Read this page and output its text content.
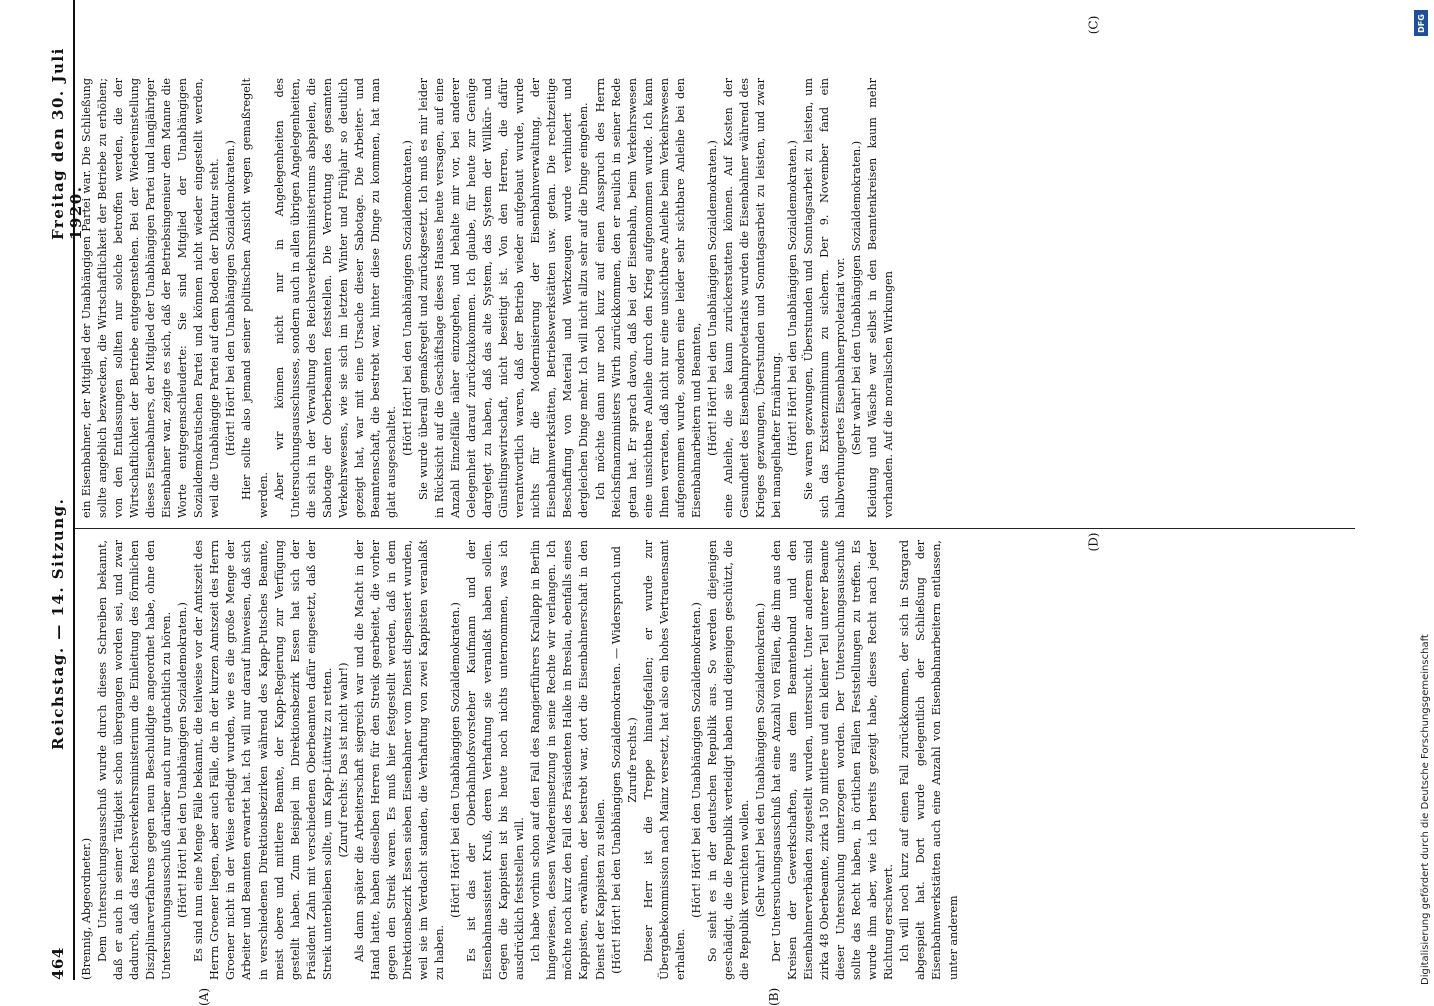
464
Reichstag. — 14. Sitzung.
Freitag den 30. Juli 1920.

(Brennig, Abgeordneter.) Dem Untersuchungsausschuß wurde durch dieses Schreiben bekannt, daß er auch in seiner Tätigkeit schon übergangen worden sei, und zwar dadurch, daß das Reichsverkehrsministerium die Einleitung des förmlichen Disziplinarverfahrens gegen neun Beschuldigte angeordnet habe, ohne den Untersuchungsausschuß darüber auch nur gutachtlich zu hören. (Hört! Hört! bei den Unabhängigen Sozialdemokraten.) Es sind nun eine Menge Fälle bekannt, die teilweise vor der Amtszeit des Herrn Groener liegen, aber auch Fälle, die in der kurzen Amtszeit des Herrn Groener nicht in der Weise erledigt wurden, wie es die große Menge der Arbeiter und Beamten erwartet hat. Ich will nur darauf hinweisen, daß sich in verschiedenen Direktionsbezirken während des Kapp-Putsches Beamte, meist obere und mittlere Beamte, der Kapp-Regierung zur Verfügung gestellt haben. Zum Beispiel im Direktionsbezirk Essen hat sich der Präsident Zahn mit verschiedenen Oberbeamten dafür eingesetzt, daß der Streik unterbleiben sollte, um Kapp-Lüttwitz zu retten. (Zuruf rechts: Das ist nicht wahr!) Als dann später die Arbeiterschaft siegreich war und die Macht in der Hand hatte, haben dieselben Herren für den Streik gearbeitet, die vorher gegen den Streik waren. Es muß hier festgestellt werden, daß in dem Direktionsbezirk Essen sieben Eisenbahner vom Dienst dispensiert wurden, weil sie im Verdacht standen, die Verhaftung von zwei Kappisten veranlaßt zu haben.

(Hört! Hört! bei den Unabhängigen Sozialdemokraten.) Es ist das der Oberbahnhofsvorsteher Kaufmann und der Eisenbahnassistent Kruß, deren Verhaftung sie veranlaßt haben sollen. Gegen die Kappisten ist bis heute noch nichts unternommen, was ich ausdrücklich feststellen will. Ich habe vorhin schon auf den Fall des Rangierführers Krallapp in Berlin hingewiesen, dessen Wiedereinsetzung in seine Rechte wir verlangen. Ich möchte noch kurz den Fall des Präsidenten Halke in Breslau, ebenfalls eines Kappisten, erwähnen, der bestrebt war, dort die Eisenbahnerschaft in den Dienst der Kappisten zu stellen. (Hört! Hört! bei den Unabhängigen Sozialdemokraten. — Widerspruch und Zurufe rechts.) Dieser Herr ist die Treppe hinaufgefallen; er wurde zur Übergabekommission nach Mainz versetzt, hat also ein hohes Vertrauensamt erhalten.

(Hört! Hört! bei den Unabhängigen Sozialdemokraten.) So sieht es in der deutschen Republik aus. So werden diejenigen geschädigt, die die Republik verteidigt haben und diejenigen geschützt, die die Republik vernichten wollen. (Sehr wahr! bei den Unabhängigen Sozialdemokraten.) Der Untersuchungsausschuß hat eine Anzahl von Fällen, die ihm aus den Kreisen der Gewerkschaften, aus dem Beamtenbund und den Eisenbahnerverbänden zugestellt wurden, untersucht. Unter anderem sind zirka 48 Oberbeamte, zirka 150 mittlere und ein kleiner Teil unterer Beamte dieser Untersuchung unterzogen worden. Der Untersuchungsausschuß sollte das Recht haben, in örtlichen Fällen Feststellungen zu treffen. Es wurde ihm aber, wie ich bereits gezeigt habe, dieses Recht nach jeder Richtung erschwert. Ich will noch kurz auf einen Fall zurückkommen, der sich in Stargard abgespielt hat. Dort wurde gelegentlich der Schließung der Eisenbahnwerkstätten auch eine Anzahl von Eisenbahnarbeitern entlassen, unter anderem

ein Eisenbahner, der Mitglied der Unabhängigen Partei war. Die Schließung sollte angeblich bezwecken, die Wirtschaftlichkeit der Betriebe zu erhöhen; von den Entlassungen sollten nur solche betroffen werden, die der Wirtschaftlichkeit der Betriebe entgegenstehen. Bei der Wiedereinstellung dieses Eisenbahners, der Mitglied der Unabhängigen Partei und langjähriger Eisenbahner war, zeigte es sich, daß der Betriebsingenieur dem Manne die Worte entgegenschleuderte: Sie sind Mitglied der Unabhängigen Sozialdemokratischen Partei und können nicht wieder eingestellt werden, weil die Unabhängige Partei auf dem Boden der Diktatur steht. (Hört! Hört! bei den Unabhängigen Sozialdemokraten.) Hier sollte also jemand seiner politischen Ansicht wegen gemaßregelt werden. Aber wir können nicht nur in Angelegenheiten des Untersuchungsausschusses, sondern auch in allen übrigen Angelegenheiten, die sich in der Verwaltung des Reichsverkehrsministeriums abspielen, die Sabotage der Oberbeamten feststellen. Die Verrottung des gesamten Verkehrswesens, wie sie sich im letzten Winter und Frühjahr so deutlich gezeigt hat, war mit eine Ursache dieser Sabotage. Die Arbeiter- und Beamtenschaft, die bestrebt war, hinter diese Dinge zu kommen, hat man glatt ausgeschaltet.

(Hört! Hört! bei den Unabhängigen Sozialdemokraten.) Sie wurde überall gemaßregelt und zurückgesetzt. Ich muß es mir leider in Rücksicht auf die Geschäftslage dieses Hauses heute versagen, auf eine Anzahl Einzelfälle näher einzugehen, und behalte mir vor, bei anderer Gelegenheit darauf zurückzukommen. Ich glaube, für heute zur Genüge dargelegt zu haben, daß das alte System, das System der Willkür- und Günstlingswirtschaft, nicht beseitigt ist. Von den Herren, die dafür verantwortlich waren, daß der Betrieb wieder aufgebaut wurde, wurde nichts für die Modernisierung der Eisenbahnverwaltung, der Eisenbahnwerkstätten, Betriebswerkstätten usw. getan. Die rechtzeitige Beschaffung von Material und Werkzeugen wurde verhindert und dergleichen Dinge mehr. Ich will nicht allzu sehr auf die Dinge eingehen. Ich möchte dann nur noch kurz auf einen Ausspruch des Herrn Reichsfinanzministers Wirth zurückkommen, den er neulich in seiner Rede getan hat. Er sprach davon, daß bei der Eisenbahn, beim Verkehrswesen eine unsichtbare Anleihe durch den Krieg aufgenommen wurde. Ich kann Ihnen verraten, daß nicht nur eine unsichtbare Anleihe beim Verkehrswesen aufgenommen wurde, sondern eine leider sehr sichtbare Anleihe bei den Eisenbahnarbeitern und Beamten, (Hört! Hört! bei den Unabhängigen Sozialdemokraten.) eine Anleihe, die sie kaum zurückerstatten können. Auf Kosten der Gesundheit des Eisenbahnproletariats wurden die Eisenbahner während des Krieges gezwungen, Überstunden und Sonntagsarbeit zu leisten, und zwar bei mangelhafter Ernährung. (Hört! Hört! bei den Unabhängigen Sozialdemokraten.) Sie waren gezwungen, Überstunden und Sonntagsarbeit zu leisten, um sich das Existenzminimum zu sichern. Der 9. November fand ein halbverhungertes Eisenbahnerproletariat vor. (Sehr wahr! bei den Unabhängigen Sozialdemokraten.) Kleidung und Wäsche war selbst in den Beamtenkreisen kaum mehr vorhanden. Auf die moralischen Wirkungen

(A)	(B)
(C)
(D)
Digitalisierung gefördert durch die Deutsche Forschungsgemeinschaft
DFG
